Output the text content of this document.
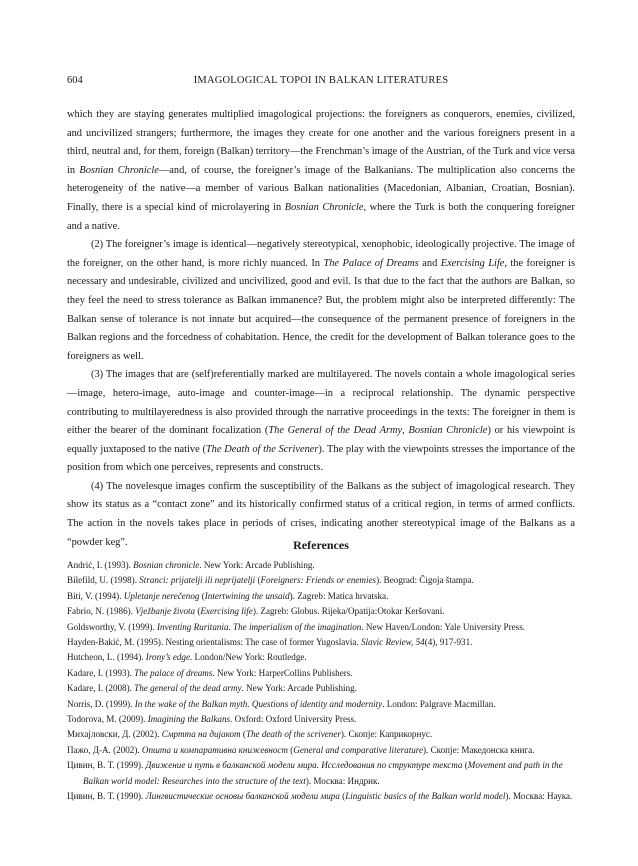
604	IMAGOLOGICAL TOPOI IN BALKAN LITERATURES

which they are staying generates multiplied imagological projections: the foreigners as conquerors, enemies, civilized, and uncivilized strangers; furthermore, the images they create for one another and the various foreigners present in a third, neutral and, for them, foreign (Balkan) territory—the Frenchman’s image of the Austrian, of the Turk and vice versa in Bosnian Chronicle—and, of course, the foreigner’s image of the Balkanians. The multiplication also concerns the heterogeneity of the native—a member of various Balkan nationalities (Macedonian, Albanian, Croatian, Bosnian). Finally, there is a special kind of microlayering in Bosnian Chronicle, where the Turk is both the conquering foreigner and a native.

(2) The foreigner’s image is identical—negatively stereotypical, xenophobic, ideologically projective. The image of the foreigner, on the other hand, is more richly nuanced. In The Palace of Dreams and Exercising Life, the foreigner is necessary and undesirable, civilized and uncivilized, good and evil. Is that due to the fact that the authors are Balkan, so they feel the need to stress tolerance as Balkan immanence? But, the problem might also be interpreted differently: The Balkan sense of tolerance is not innate but acquired—the consequence of the permanent presence of foreigners in the Balkan regions and the forcedness of cohabitation. Hence, the credit for the development of Balkan tolerance goes to the foreigners as well.

(3) The images that are (self)referentially marked are multilayered. The novels contain a whole imagological series—image, hetero-image, auto-image and counter-image—in a reciprocal relationship. The dynamic perspective contributing to multilayeredness is also provided through the narrative proceedings in the texts: The foreigner in them is either the bearer of the dominant focalization (The General of the Dead Army, Bosnian Chronicle) or his viewpoint is equally juxtaposed to the native (The Death of the Scrivener). The play with the viewpoints stresses the importance of the position from which one perceives, represents and constructs.

(4) The novelesque images confirm the susceptibility of the Balkans as the subject of imagological research. They show its status as a “contact zone” and its historically confirmed status of a critical region, in terms of armed conflicts. The action in the novels takes place in periods of crises, indicating another stereotypical image of the Balkans as a “powder keg”.	References
Andrić, I. (1993). Bosnian chronicle. New York: Arcade Publishing.
Bilefild, U. (1998). Stranci: prijatelji ili neprijatelji (Foreigners: Friends or enemies). Beograd: Čigoja štampa.
Biti, V. (1994). Upletanje nerečenog (Intertwining the unsaid). Zagreb: Matica hrvatska.
Fabrio, N. (1986). Vježbanje života (Exercising life). Zagreb: Globus. Rijeka/Opatija:Otokar Keršovani.
Goldsworthy, V. (1999). Inventing Ruritania. The imperialism of the imagination. New Haven/London: Yale University Press.
Hayden-Bakić, M. (1995). Nesting orientalisms: The case of former Yugoslavia. Slavic Review, 54(4), 917-931.
Hutcheon, L. (1994). Irony’s edge. London/New York: Routledge.
Kadare, I. (1993). The palace of dreams. New York: HarperCollins Publishers.
Kadare, I. (2008). The general of the dead army. New York: Arcade Publishing.
Norris, D. (1999). In the wake of the Balkan myth. Questions of identity and modernity. London: Palgrave Macmillan.
Todorova, M. (2009). Imagining the Balkans. Oxford: Oxford University Press.
Михајловски, Д. (2002). Смртта на дијакот (The death of the scrivener). Скопје: Каприкорнус.
Пажо, Д-А. (2002). Општа и компаративна книжевност (General and comparative literature). Скопје: Македонска книга.
Цивин, В. Т. (1999). Движение и путь в балканской модели мира. Исследования по структуре текста (Movement and path in the Balkan world model: Researches into the structure of the text). Москва: Индрик.
Цивин, В. Т. (1990). Лингвистические основы балканской модели мира (Linguistic basics of the Balkan world model). Москва: Наука.
